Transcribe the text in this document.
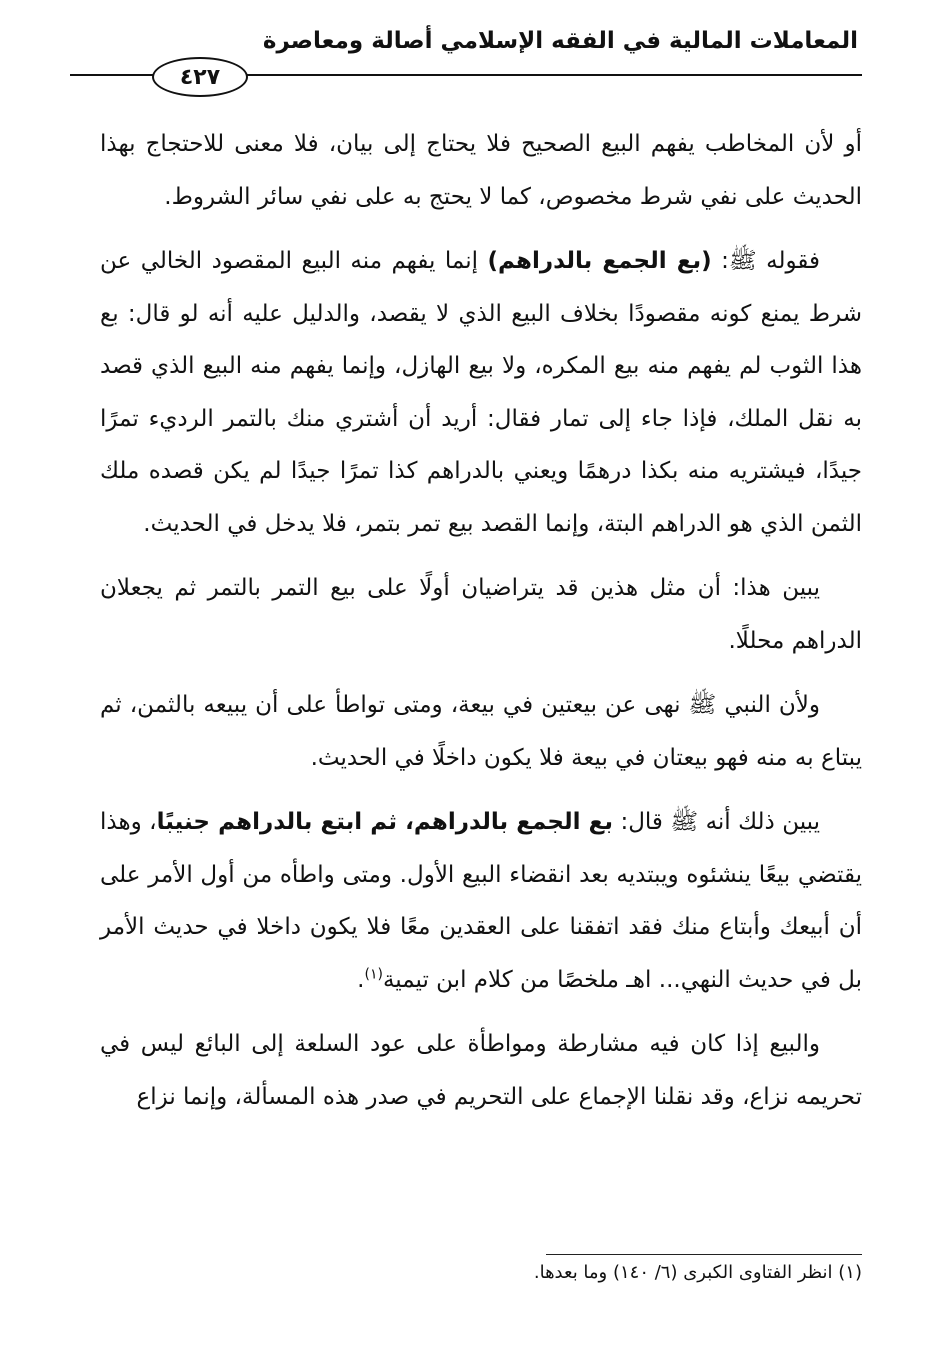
المعاملات المالية في الفقه الإسلامي أصالة ومعاصرة
٤٢٧

أو لأن المخاطب يفهم البيع الصحيح فلا يحتاج إلى بيان، فلا معنى للاحتجاج بهذا الحديث على نفي شرط مخصوص، كما لا يحتج به على نفي سائر الشروط.

فقوله ﷺ: (بع الجمع بالدراهم) إنما يفهم منه البيع المقصود الخالي عن شرط يمنع كونه مقصودًا بخلاف البيع الذي لا يقصد، والدليل عليه أنه لو قال: بع هذا الثوب لم يفهم منه بيع المكره، ولا بيع الهازل، وإنما يفهم منه البيع الذي قصد به نقل الملك، فإذا جاء إلى تمار فقال: أريد أن أشتري منك بالتمر الرديء تمرًا جيدًا، فيشتريه منه بكذا درهمًا ويعني بالدراهم كذا تمرًا جيدًا لم يكن قصده ملك الثمن الذي هو الدراهم البتة، وإنما القصد بيع تمر بتمر، فلا يدخل في الحديث.

يبين هذا: أن مثل هذين قد يتراضيان أولًا على بيع التمر بالتمر ثم يجعلان الدراهم محللًا.

ولأن النبي ﷺ نهى عن بيعتين في بيعة، ومتى تواطأ على أن يبيعه بالثمن، ثم يبتاع به منه فهو بيعتان في بيعة فلا يكون داخلًا في الحديث.

يبين ذلك أنه ﷺ قال: بع الجمع بالدراهم، ثم ابتع بالدراهم جنيبًا، وهذا يقتضي بيعًا ينشئوه ويبتديه بعد انقضاء البيع الأول. ومتى واطأه من أول الأمر على أن أبيعك وأبتاع منك فقد اتفقنا على العقدين معًا فلا يكون داخلا في حديث الأمر بل في حديث النهي... اهـ ملخصًا من كلام ابن تيمية$^{(١)}$.

والبيع إذا كان فيه مشارطة ومواطأة على عود السلعة إلى البائع ليس في تحريمه نزاع، وقد نقلنا الإجماع على التحريم في صدر هذه المسألة، وإنما نزاع

(١) انظر الفتاوى الكبرى (٦/ ١٤٠) وما بعدها.
